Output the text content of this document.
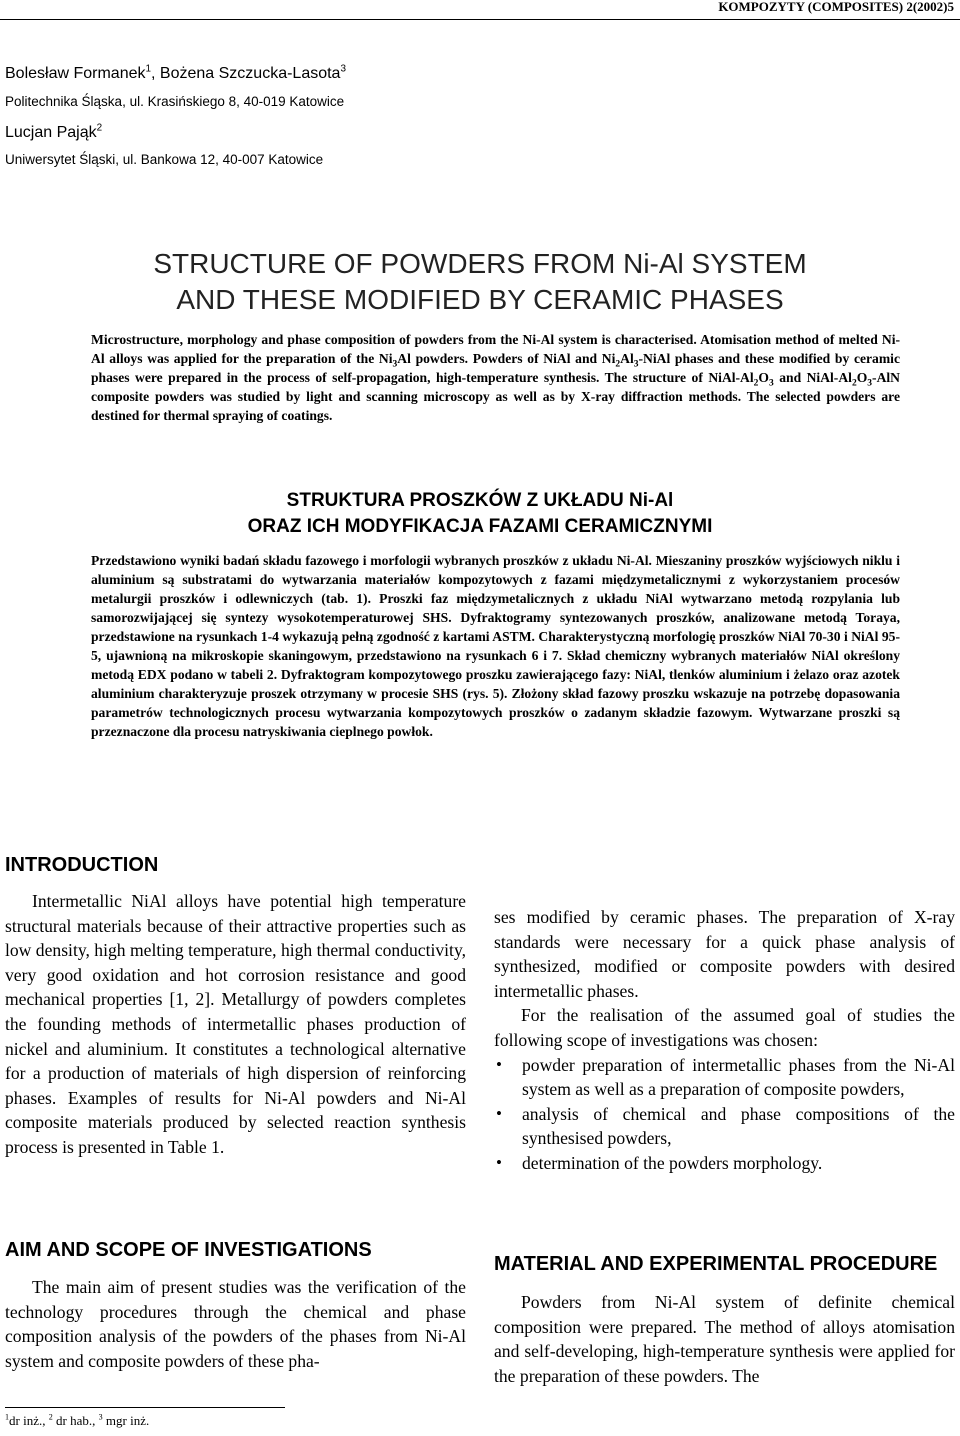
KOMPOZYTY (COMPOSITES) 2(2002)5
Bolesław Formanek$^1$, Bożena Szczucka-Lasota$^3$
Politechnika Śląska, ul. Krasińskiego 8, 40-019 Katowice
Lucjan Pająk$^2$
Uniwersytet Śląski, ul. Bankowa 12, 40-007 Katowice
STRUCTURE OF POWDERS FROM Ni-Al SYSTEM
AND THESE MODIFIED BY CERAMIC PHASES

Microstructure, morphology and phase composition of powders from the Ni-Al system is characterised. Atomisation method of melted Ni-Al alloys was applied for the preparation of the $Ni_3Al$ powders. Powders of NiAl and $Ni_2Al_3$-NiAl phases and these modified by ceramic phases were prepared in the process of self-propagation, high-temperature synthesis. The structure of NiAl-$Al_2O_3$ and NiAl-$Al_2O_3$-AlN composite powders was studied by light and scanning microscopy as well as by X-ray diffraction methods. The selected powders are destined for thermal spraying of coatings.

STRUKTURA PROSZKÓW Z UKŁADU Ni-Al
ORAZ ICH MODYFIKACJA FAZAMI CERAMICZNYMI

Przedstawiono wyniki badań składu fazowego i morfologii wybranych proszków z układu Ni-Al. Mieszaniny proszków wyjściowych niklu i aluminium są substratami do wytwarzania materiałów kompozytowych z fazami międzymetalicznymi z wykorzystaniem procesów metalurgii proszków i odlewniczych (tab. 1). Proszki faz międzymetalicznych z układu NiAl wytwarzano metodą rozpylania lub samorozwijającej się syntezy wysokotemperaturowej SHS. Dyfraktogramy syntezowanych proszków, analizowane metodą Toraya, przedstawione na rysunkach 1-4 wykazują pełną zgodność z kartami ASTM. Charakterystyczną morfologię proszków NiAl 70-30 i NiAl 95-5, ujawnioną na mikroskopie skaningowym, przedstawiono na rysunkach 6 i 7. Skład chemiczny wybranych materiałów NiAl określony metodą EDX podano w tabeli 2. Dyfraktogram kompozytowego proszku zawierającego fazy: NiAl, tlenków aluminium i żelazo oraz azotek aluminium charakteryzuje proszek otrzymany w procesie SHS (rys. 5). Złożony skład fazowy proszku wskazuje na potrzebę dopasowania parametrów technologicznych procesu wytwarzania kompozytowych proszków o zadanym składzie fazowym. Wytwarzane proszki są przeznaczone dla procesu natryskiwania cieplnego powłok.

INTRODUCTION

Intermetallic NiAl alloys have potential high temperature structural materials because of their attractive properties such as low density, high melting temperature, high thermal conductivity, very good oxidation and hot corrosion resistance and good mechanical properties [1, 2]. Metallurgy of powders completes the founding methods of intermetallic phases production of nickel and aluminium. It constitutes a technological alternative for a production of materials of high dispersion of reinforcing phases. Examples of results for Ni-Al powders and Ni-Al composite materials produced by selected reaction synthesis process is presented in Table 1.

AIM AND SCOPE OF INVESTIGATIONS

The main aim of present studies was the verification of the technology procedures through the chemical and phase composition analysis of the powders of the phases from Ni-Al system and composite powders of these pha-

ses modified by ceramic phases. The preparation of X-ray standards were necessary for a quick phase analysis of synthesized, modified or composite powders with desired intermetallic phases.

For the realisation of the assumed goal of studies the following scope of investigations was chosen:

• powder preparation of intermetallic phases from the Ni-Al system as well as a preparation of composite powders,
• analysis of chemical and phase compositions of the synthesised powders,
• determination of the powders morphology.
MATERIAL AND EXPERIMENTAL PROCEDURE

Powders from Ni-Al system of definite chemical composition were prepared. The method of alloys atomisation and self-developing, high-temperature synthesis were applied for the preparation of these powders. The

$^1$dr inż., $^2$ dr hab., $^3$ mgr inż.
